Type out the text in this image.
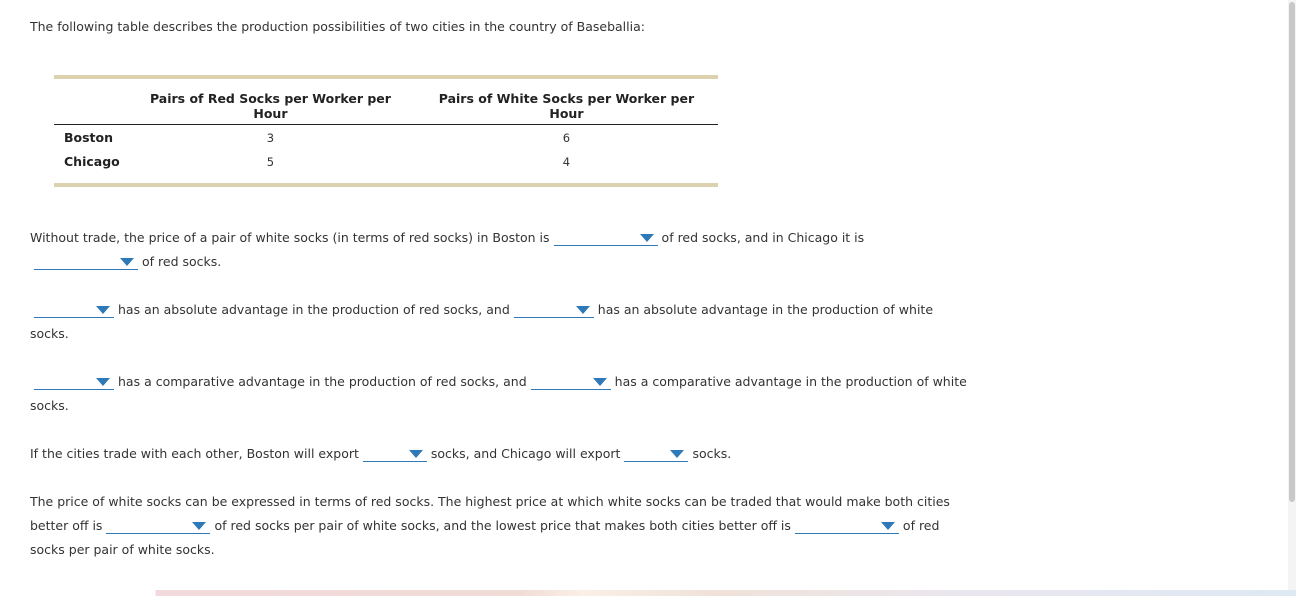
The following table describes the production possibilities of two cities in the country of Baseballia:
	Pairs of Red Socks per Worker per Hour	Pairs of White Socks per Worker per Hour
Boston	3	6
Chicago	5	4
Without trade, the price of a pair of white socks (in terms of red socks) in Boston is	of red socks, and in Chicago it is
of red socks.
has an absolute advantage in the production of red socks, and	has an absolute advantage in the production of white
socks.
has a comparative advantage in the production of red socks, and	has a comparative advantage in the production of white
socks.
If the cities trade with each other, Boston will export	socks, and Chicago will export	socks.
The price of white socks can be expressed in terms of red socks. The highest price at which white socks can be traded that would make both cities
better off is	of red socks per pair of white socks, and the lowest price that makes both cities better off is	of red
socks per pair of white socks.
